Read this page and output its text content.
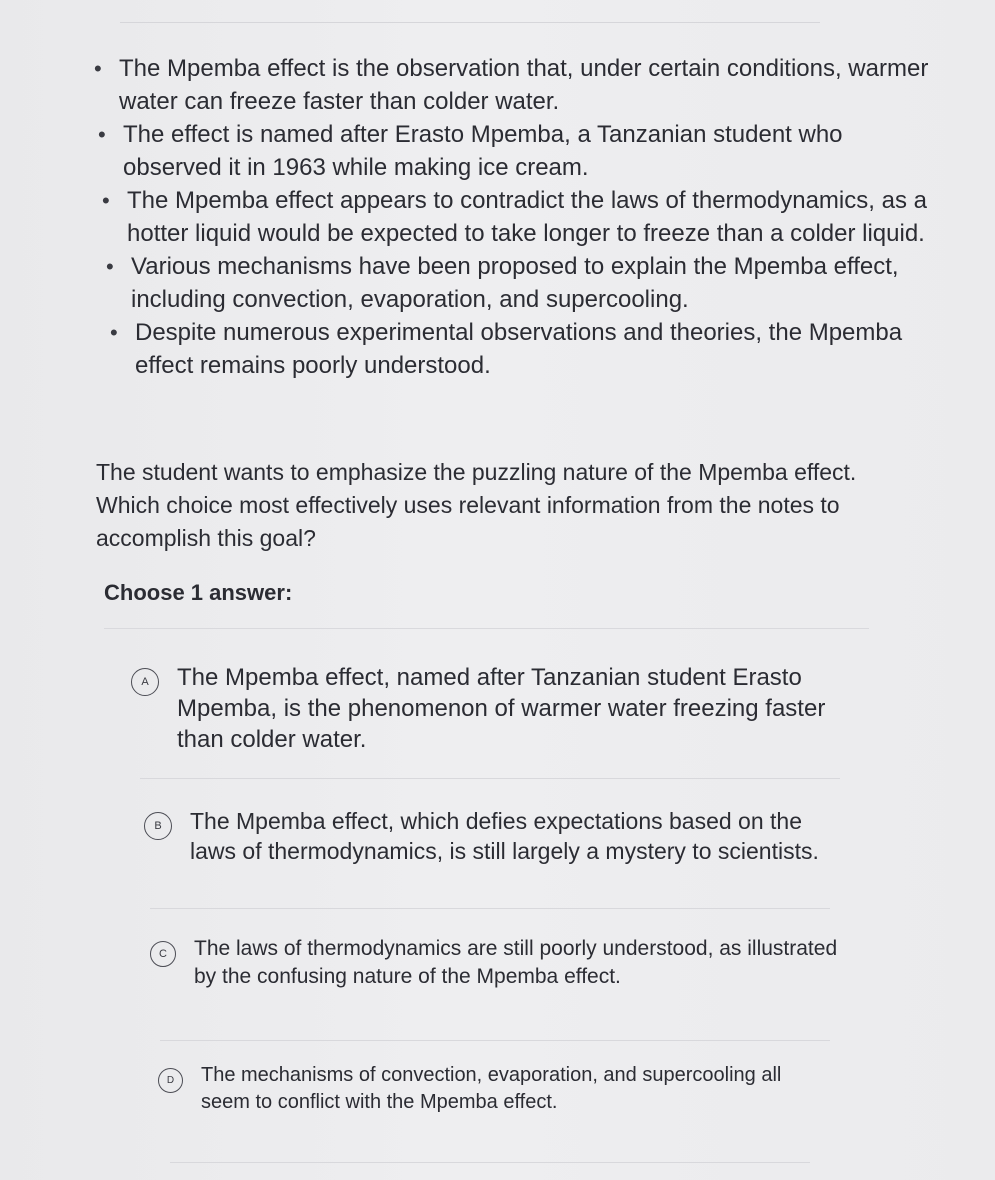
• The Mpemba effect is the observation that, under certain conditions, warmer water can freeze faster than colder water.
• The effect is named after Erasto Mpemba, a Tanzanian student who observed it in 1963 while making ice cream.
• The Mpemba effect appears to contradict the laws of thermodynamics, as a hotter liquid would be expected to take longer to freeze than a colder liquid.
• Various mechanisms have been proposed to explain the Mpemba effect, including convection, evaporation, and supercooling.
• Despite numerous experimental observations and theories, the Mpemba effect remains poorly understood.

The student wants to emphasize the puzzling nature of the Mpemba effect. Which choice most effectively uses relevant information from the notes to accomplish this goal?

Choose 1 answer:

A	The Mpemba effect, named after Tanzanian student Erasto Mpemba, is the phenomenon of warmer water freezing faster than colder water.
B	The Mpemba effect, which defies expectations based on the laws of thermodynamics, is still largely a mystery to scientists.
C	The laws of thermodynamics are still poorly understood, as illustrated by the confusing nature of the Mpemba effect.
D	The mechanisms of convection, evaporation, and supercooling all seem to conflict with the Mpemba effect.
